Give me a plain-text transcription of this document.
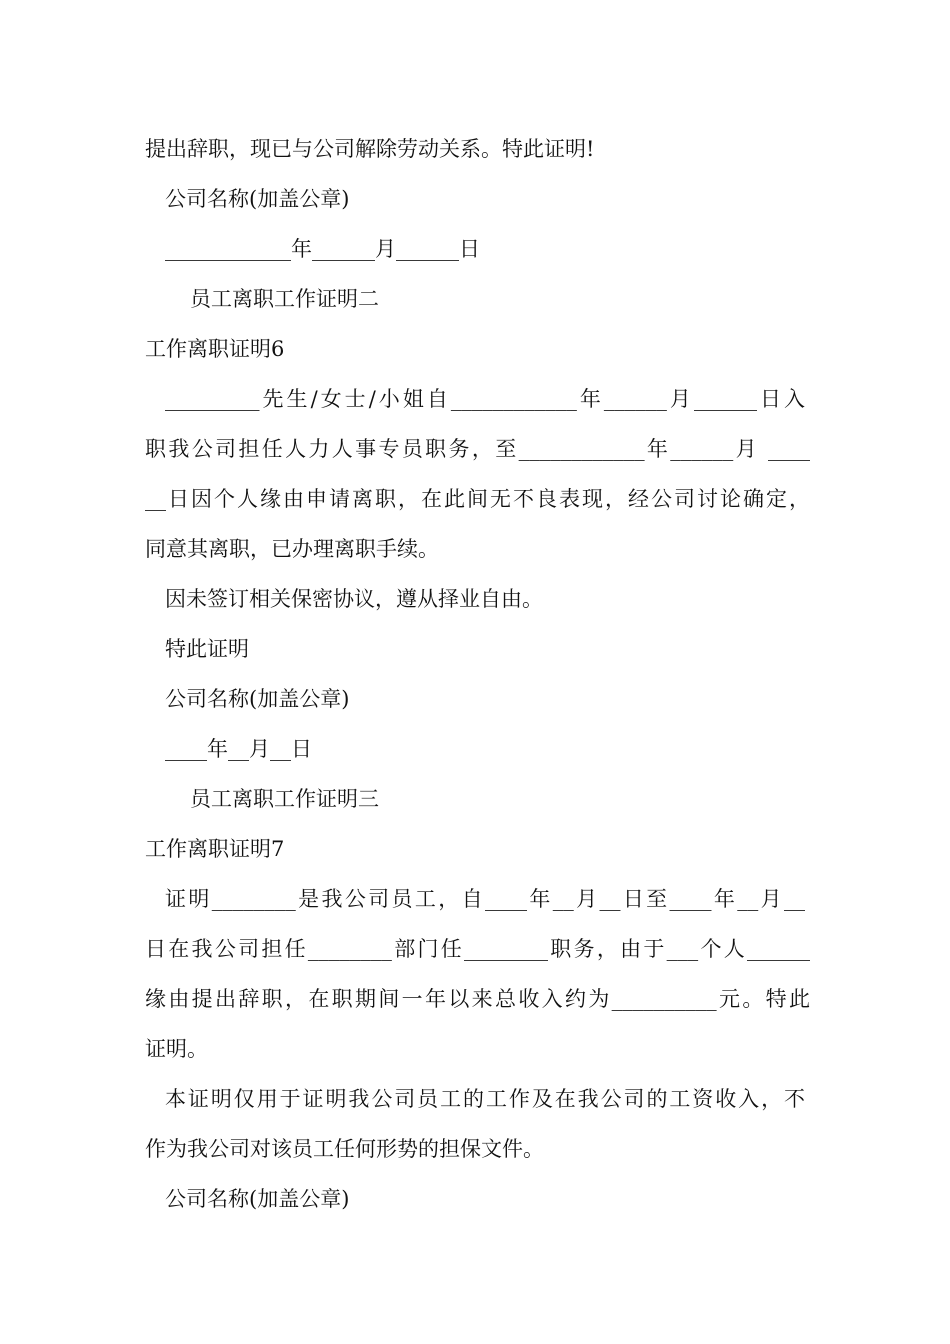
提出辞职，现已与公司解除劳动关系。特此证明!
公司名称(加盖公章)
____________年______月______日
员工离职工作证明二
工作离职证明6
_________先生/女士/小姐自____________年______月______日入
职我公司担任人力人事专员职务，至____________年______月 ____
__日因个人缘由申请离职，在此间无不良表现，经公司讨论确定，
同意其离职，已办理离职手续。
因未签订相关保密协议，遵从择业自由。
特此证明
公司名称(加盖公章)
____年__月__日
员工离职工作证明三
工作离职证明7
证明________是我公司员工，自____年__月__日至____年__月__
日在我公司担任________部门任________职务，由于___个人______
缘由提出辞职，在职期间一年以来总收入约为__________元。特此
证明。
本证明仅用于证明我公司员工的工作及在我公司的工资收入，不
作为我公司对该员工任何形势的担保文件。
公司名称(加盖公章)
